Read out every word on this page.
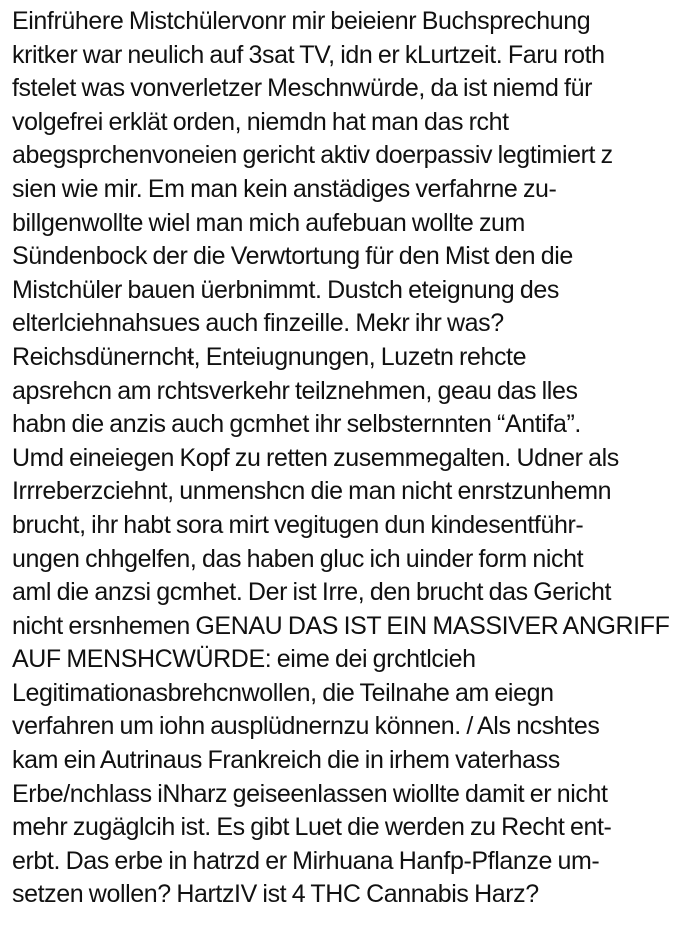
Einfrühere Mistchülervonr mir beieienr Buchsprechung
kritker war neulich auf 3sat TV, idn er kLurtzeit. Faru roth
fstelet was vonverletzer Meschnwürde, da ist niemd für
volgefrei erklät orden, niemdn hat man das rcht
abegsprchenvoneien gericht aktiv doerpassiv legtimiert z
sien wie mir. Em man kein anstädiges verfahrne zu-
billgenwollte wiel man mich aufebuan wollte zum
Sündenbock der die Verwtortung für den Mist den die
Mistchüler bauen üerbnimmt. Dustch eteignung des
elterlciehnahsues auch finzeille. Mekr ihr was?
Reichsdünernchŧ, Enteiugnungen, Luzetn rehcte
apsrehcn am rchtsverkehr teilznehmen, geau das lles
habn die anzis auch gcmhet ihr selbsternnten “Antifa”.
Umd eineiegen Kopf zu retten zusemmegalten. Udner als
Irrreberzciehnt, unmenshcn die man nicht enrstzunhemn
brucht, ihr habt sora mirt vegitugen dun kindesentführ-
ungen chhgelfen, das haben gluc ich uinder form nicht
aml die anzsi gcmhet. Der ist Irre, den brucht das Gericht
nicht ersnhemen GENAU DAS IST EIN MASSIVER ANGRIFF
AUF MENSHCWÜRDE: eime dei grchtlcieh
Legitimationasbrehcnwollen, die Teilnahe am eiegn
verfahren um iohn ausplüdnernzu können. / Als ncshtes
kam ein Autrinaus Frankreich die in irhem vaterhass
Erbe/nchlass iNharz geiseenlassen wiollte damit er nicht
mehr zugäglcih ist. Es gibt Luet die werden zu Recht ent-
erbt. Das erbe in hatrzd er Mirhuana Hanfp-Pflanze um-
setzen wollen? HartzIV ist 4 THC Cannabis Harz?
